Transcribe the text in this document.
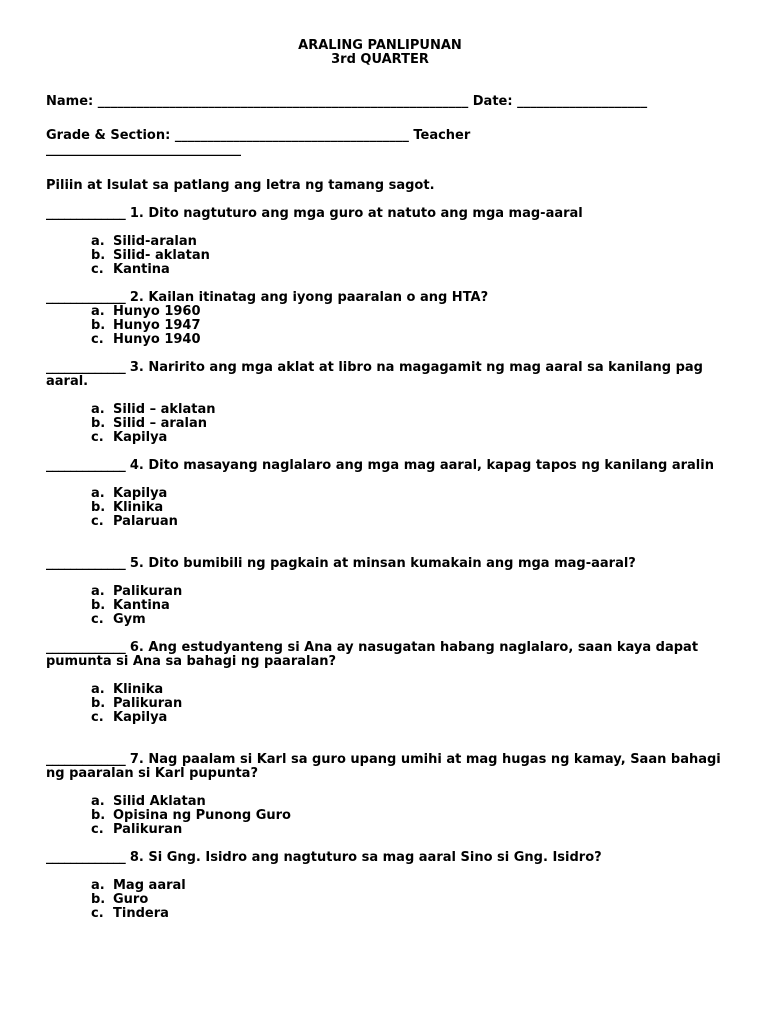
ARALING PANLIPUNAN
3rd QUARTER
Name: _________________________________________________________ Date: ____________________
Grade & Section: ____________________________________ Teacher
______________________________
Piliin at Isulat sa patlang ang letra ng tamang sagot.
_____________ 1. Dito nagtuturo ang mga guro at natuto ang mga mag-aaral
a. Silid-aralan
b. Silid- aklatan
c. Kantina
_____________ 2. Kailan itinatag ang iyong paaralan o ang HTA?
a. Hunyo 1960
b. Hunyo 1947
c. Hunyo 1940
_____________ 3. Naririto ang mga aklat at libro na magagamit ng mag aaral sa kanilang pag aaral.
a. Silid – aklatan
b. Silid – aralan
c. Kapilya
_____________ 4. Dito masayang naglalaro ang mga mag aaral, kapag tapos ng kanilang aralin
a. Kapilya
b. Klinika
c. Palaruan
_____________ 5. Dito bumibili ng pagkain at minsan kumakain ang mga mag-aaral?
a. Palikuran
b. Kantina
c. Gym
_____________ 6. Ang estudyanteng si Ana ay nasugatan habang naglalaro, saan kaya dapat pumunta si Ana sa bahagi ng paaralan?
a. Klinika
b. Palikuran
c. Kapilya
_____________ 7. Nag paalam si Karl sa guro upang umihi at mag hugas ng kamay, Saan bahagi ng paaralan si Karl pupunta?
a. Silid Aklatan
b. Opisina ng Punong Guro
c. Palikuran
_____________ 8. Si Gng. Isidro ang nagtuturo sa mag aaral Sino si Gng. Isidro?
a. Mag aaral
b. Guro
c. Tindera
